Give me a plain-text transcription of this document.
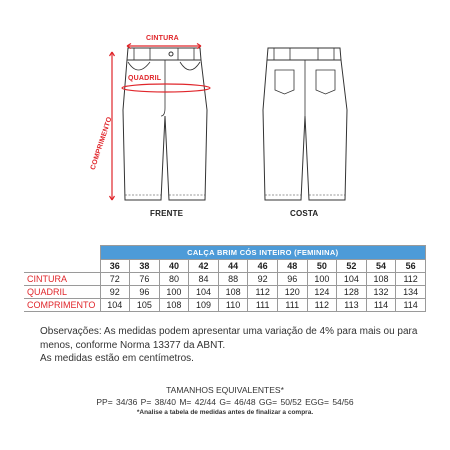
CINTURA
QUADRIL
COMPRIMENTO
FRENTE	COSTA
	CALÇA BRIM CÓS INTEIRO (FEMININA)										
	36	38	40	42	44	46	48	50	52	54	56
CINTURA	72	76	80	84	88	92	96	100	104	108	112
QUADRIL	92	96	100	104	108	112	120	124	128	132	134
COMPRIMENTO	104	105	108	109	110	111	111	112	113	114	114

Observações: As medidas podem apresentar uma variação de 4% para mais ou para menos, conforme Norma 13377 da ABNT.

As medidas estão em centímetros.

TAMANHOS EQUIVALENTES*
PP= 34/36 P= 38/40 M= 42/44 G= 46/48 GG= 50/52 EGG= 54/56
*Analise a tabela de medidas antes de finalizar a compra.
